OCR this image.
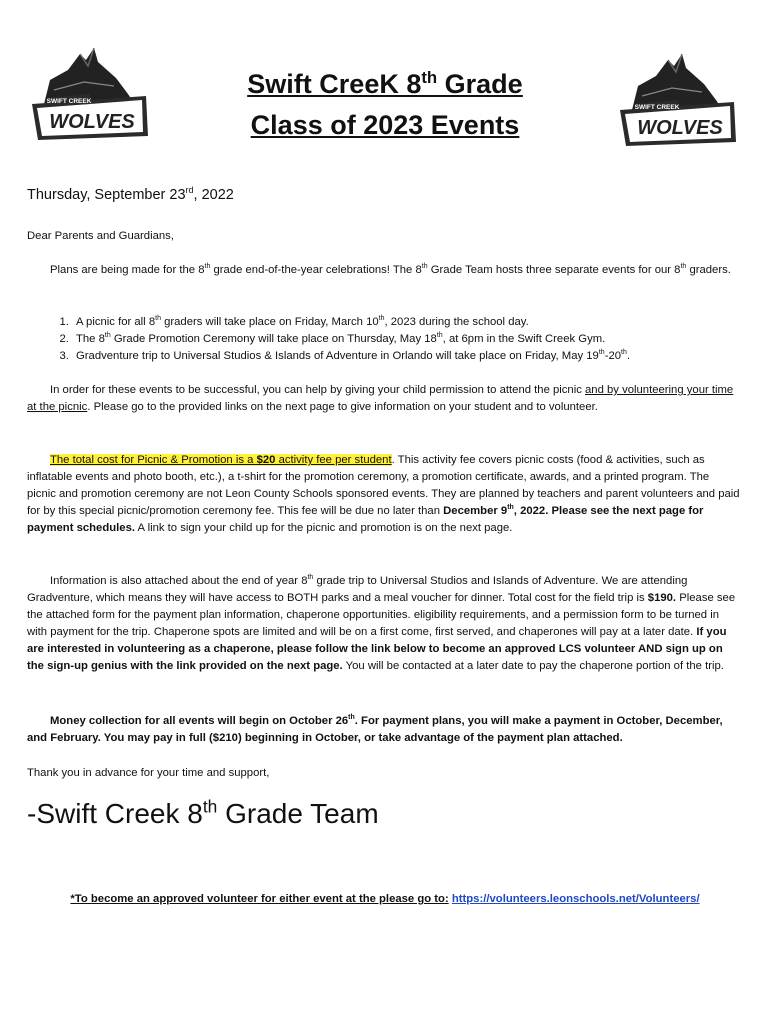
SWIFT CREEK
WOLVES
SWIFT CREEK
WOLVES
Swift CreeK 8th Grade
Class of 2023 Events
Thursday, September 23rd, 2022
Dear Parents and Guardians,

Plans are being made for the 8th grade end-of-the-year celebrations! The 8th Grade Team hosts three separate events for our 8th graders.

1. A picnic for all 8th graders will take place on Friday, March 10th, 2023 during the school day.
2. The 8th Grade Promotion Ceremony will take place on Thursday, May 18th, at 6pm in the Swift Creek Gym.
3. Gradventure trip to Universal Studios & Islands of Adventure in Orlando will take place on Friday, May 19th-20th.

In order for these events to be successful, you can help by giving your child permission to attend the picnic and by volunteering your time at the picnic. Please go to the provided links on the next page to give information on your student and to volunteer.

The total cost for Picnic & Promotion is a $20 activity fee per student. This activity fee covers picnic costs (food & activities, such as inflatable events and photo booth, etc.), a t-shirt for the promotion ceremony, a promotion certificate, awards, and a printed program. The picnic and promotion ceremony are not Leon County Schools sponsored events. They are planned by teachers and parent volunteers and paid for by this special picnic/promotion ceremony fee. This fee will be due no later than December 9th, 2022. Please see the next page for payment schedules. A link to sign your child up for the picnic and promotion is on the next page.

Information is also attached about the end of year 8th grade trip to Universal Studios and Islands of Adventure. We are attending Gradventure, which means they will have access to BOTH parks and a meal voucher for dinner. Total cost for the field trip is $190. Please see the attached form for the payment plan information, chaperone opportunities. eligibility requirements, and a permission form to be turned in with payment for the trip. Chaperone spots are limited and will be on a first come, first served, and chaperones will pay at a later date. If you are interested in volunteering as a chaperone, please follow the link below to become an approved LCS volunteer AND sign up on the sign-up genius with the link provided on the next page. You will be contacted at a later date to pay the chaperone portion of the trip.

Money collection for all events will begin on October 26th. For payment plans, you will make a payment in October, December, and February. You may pay in full ($210) beginning in October, or take advantage of the payment plan attached.

Thank you in advance for your time and support,
-Swift Creek 8th Grade Team
*To become an approved volunteer for either event at the please go to: https://volunteers.leonschools.net/Volunteers/
